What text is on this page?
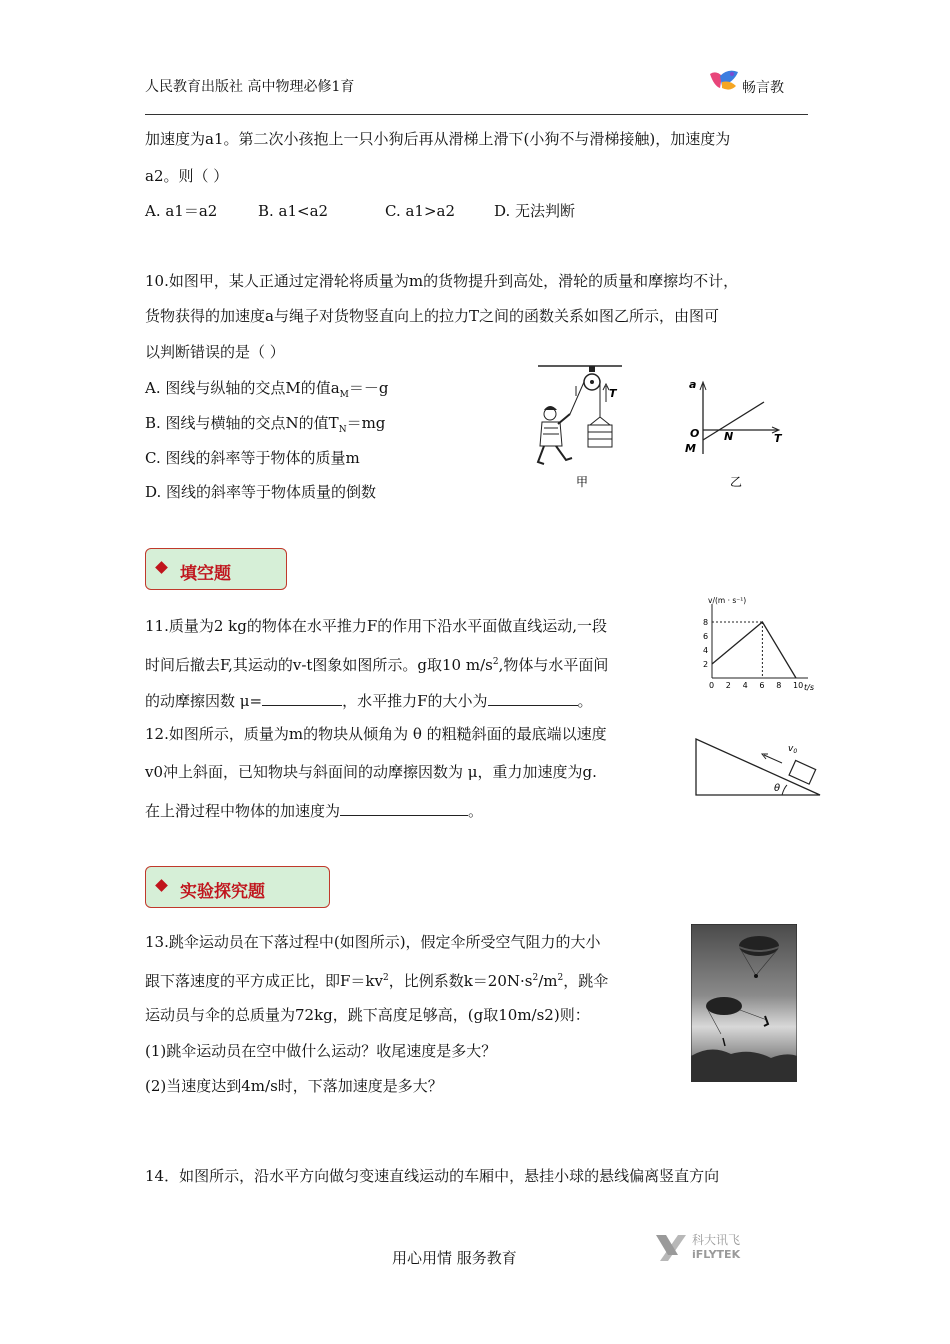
人民教育出版社 高中物理必修1育	畅言教
加速度为a1。第二次小孩抱上一只小狗后再从滑梯上滑下(小狗不与滑梯接触)，加速度为
a2。则（ ）
A. a1＝a2	B. a1<a2	C. a1>a2	D. 无法判断
10.如图甲，某人正通过定滑轮将质量为m的货物提升到高处，滑轮的质量和摩擦均不计，
货物获得的加速度a与绳子对货物竖直向上的拉力T之间的函数关系如图乙所示，由图可
以判断错误的是（ ）
A. 图线与纵轴的交点M的值$a_M=-g$
B. 图线与横轴的交点N的值$T_N=mg$
C. 图线的斜率等于物体的质量m
D. 图线的斜率等于物体质量的倒数
T
甲
a
O N	T
M
乙
填空题
11.质量为2 kg的物体在水平推力F的作用下沿水平面做直线运动,一段
时间后撤去F,其运动的v-t图象如图所示。g取10 $m/s^2$,物体与水平面间
的动摩擦因数 μ=	，水平推力F的大小为	。
v/(m · s⁻¹)
t/s
2
4
6
8
0 2 4 6 8 10
12.如图所示，质量为m的物块从倾角为 θ 的粗糙斜面的最底端以速度
v0冲上斜面，已知物块与斜面间的动摩擦因数为 μ，重力加速度为g.
在上滑过程中物体的加速度为	。
$v_0$
θ
实验探究题
13.跳伞运动员在下落过程中(如图所示)，假定伞所受空气阻力的大小
跟下落速度的平方成正比，即$F=kv^2$，比例系数$k=20N\cdot s^2/m^2$，跳伞
运动员与伞的总质量为72kg，跳下高度足够高，(g取10m/s2)则：
(1)跳伞运动员在空中做什么运动？收尾速度是多大？
(2)当速度达到4m/s时，下落加速度是多大？
14．如图所示，沿水平方向做匀变速直线运动的车厢中，悬挂小球的悬线偏离竖直方向
用心用情 服务教育
科大讯飞
iFLYTEK
